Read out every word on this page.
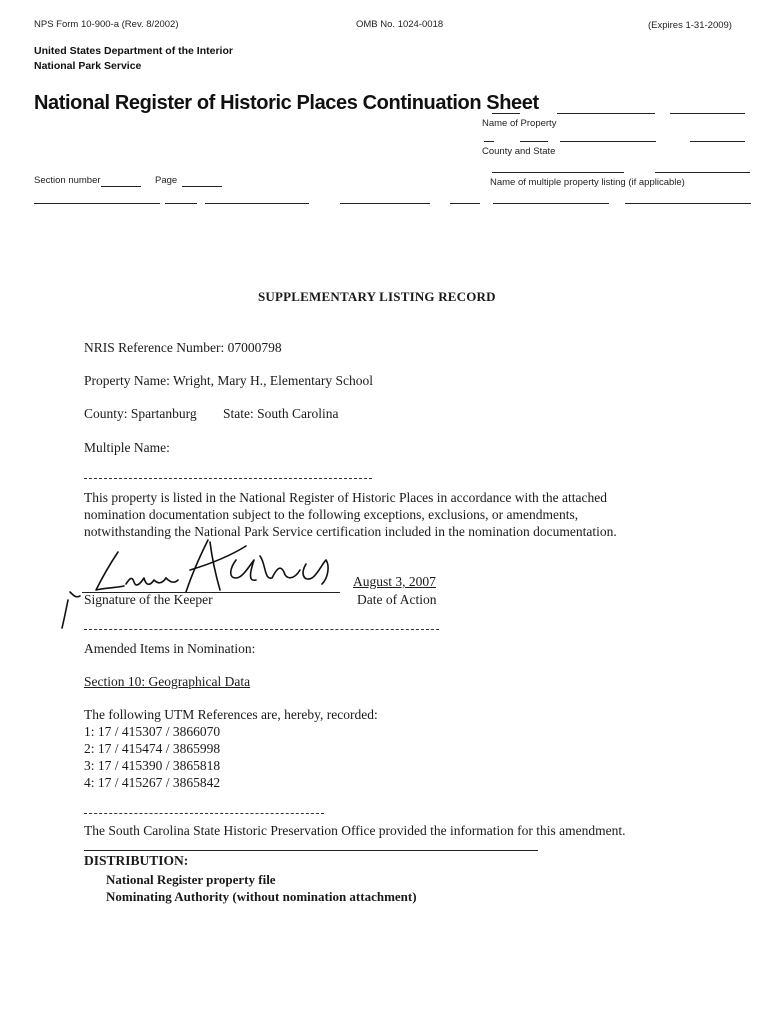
NPS Form 10-900-a (Rev. 8/2002)	OMB No. 1024-0018	(Expires 1-31-2009)
United States Department of the Interior
National Park Service
National Register of Historic Places Continuation Sheet
Name of Property
County and State
Name of multiple property listing (if applicable)
Section number	Page
SUPPLEMENTARY LISTING RECORD
NRIS Reference Number: 07000798
Property Name: Wright, Mary H., Elementary School
County: Spartanburg State: South Carolina
Multiple Name:
This property is listed in the National Register of Historic Places in accordance with the attached
nomination documentation subject to the following exceptions, exclusions, or amendments,
notwithstanding the National Park Service certification included in the nomination documentation.
August 3, 2007
Signature of the Keeper	Date of Action
Amended Items in Nomination:
Section 10: Geographical Data
The following UTM References are, hereby, recorded:
1: 17 / 415307 / 3866070
2: 17 / 415474 / 3865998
3: 17 / 415390 / 3865818
4: 17 / 415267 / 3865842
The South Carolina State Historic Preservation Office provided the information for this amendment.
DISTRIBUTION:
National Register property file
Nominating Authority (without nomination attachment)
